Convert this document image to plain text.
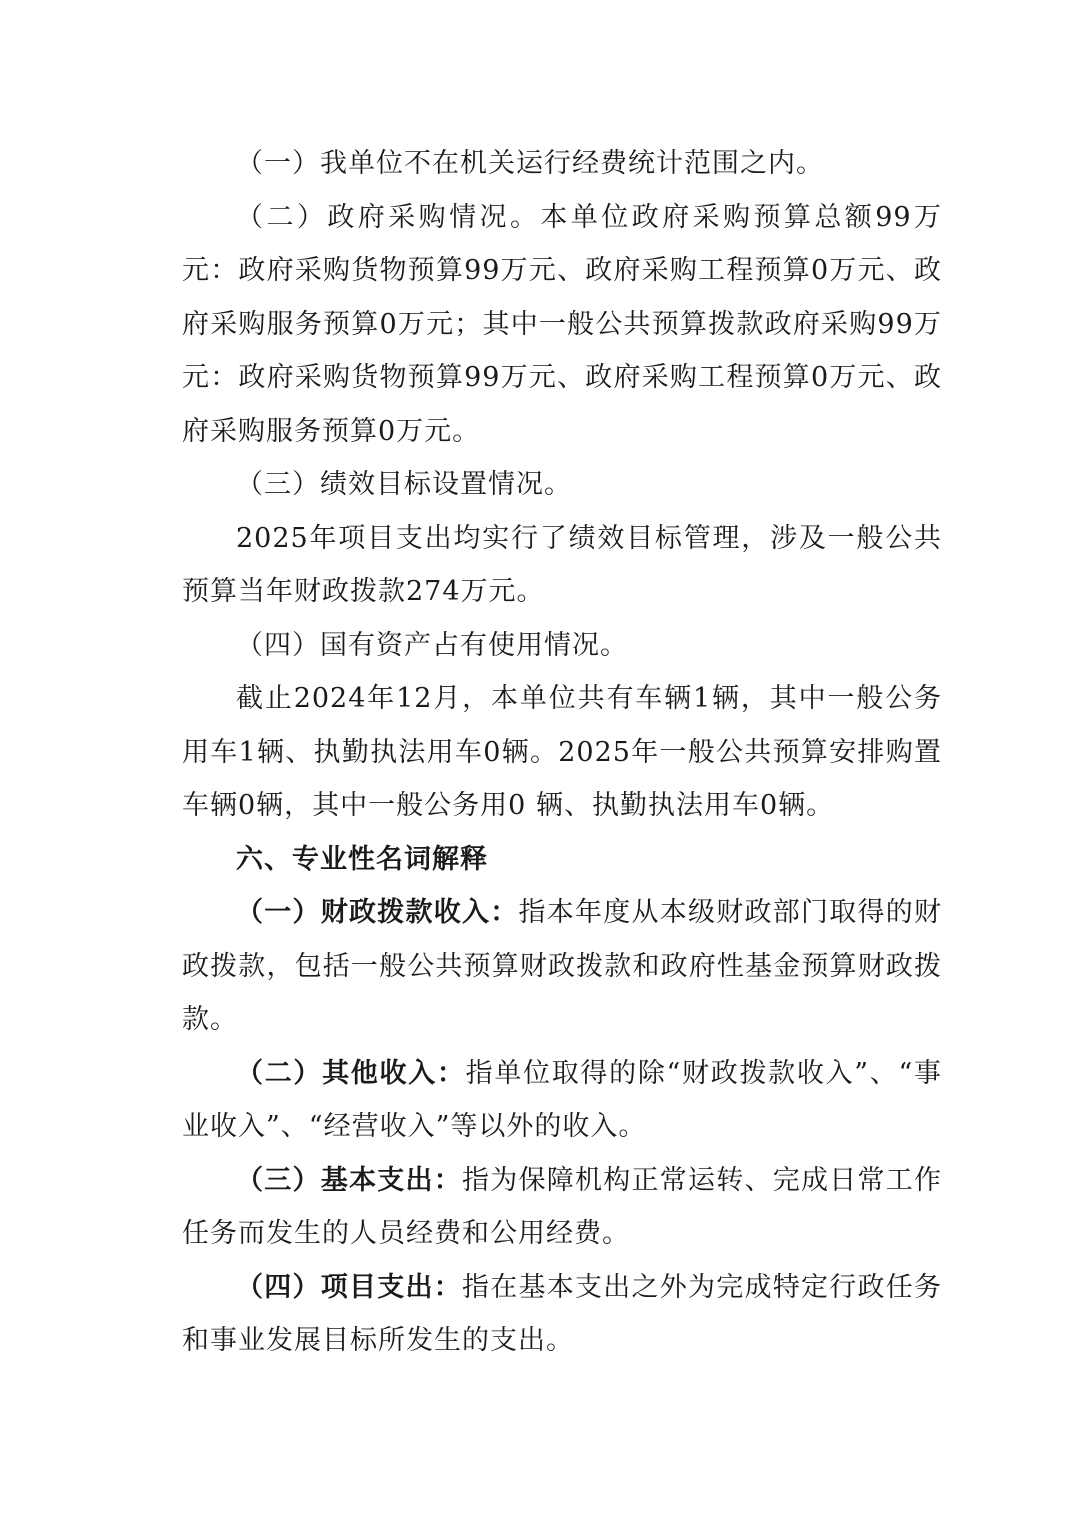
（一）我单位不在机关运行经费统计范围之内。

（二）政府采购情况。本单位政府采购预算总额99万元：政府采购货物预算99万元、政府采购工程预算0万元、政府采购服务预算0万元；其中一般公共预算拨款政府采购99万元：政府采购货物预算99万元、政府采购工程预算0万元、政府采购服务预算0万元。

（三）绩效目标设置情况。

2025年项目支出均实行了绩效目标管理，涉及一般公共预算当年财政拨款274万元。

（四）国有资产占有使用情况。

截止2024年12月，本单位共有车辆1辆，其中一般公务用车1辆、执勤执法用车0辆。2025年一般公共预算安排购置车辆0辆，其中一般公务用0 辆、执勤执法用车0辆。

六、专业性名词解释

（一）财政拨款收入：指本年度从本级财政部门取得的财政拨款，包括一般公共预算财政拨款和政府性基金预算财政拨款。

（二）其他收入：指单位取得的除“财政拨款收入”、“事业收入”、“经营收入”等以外的收入。

（三）基本支出：指为保障机构正常运转、完成日常工作任务而发生的人员经费和公用经费。

（四）项目支出：指在基本支出之外为完成特定行政任务和事业发展目标所发生的支出。
